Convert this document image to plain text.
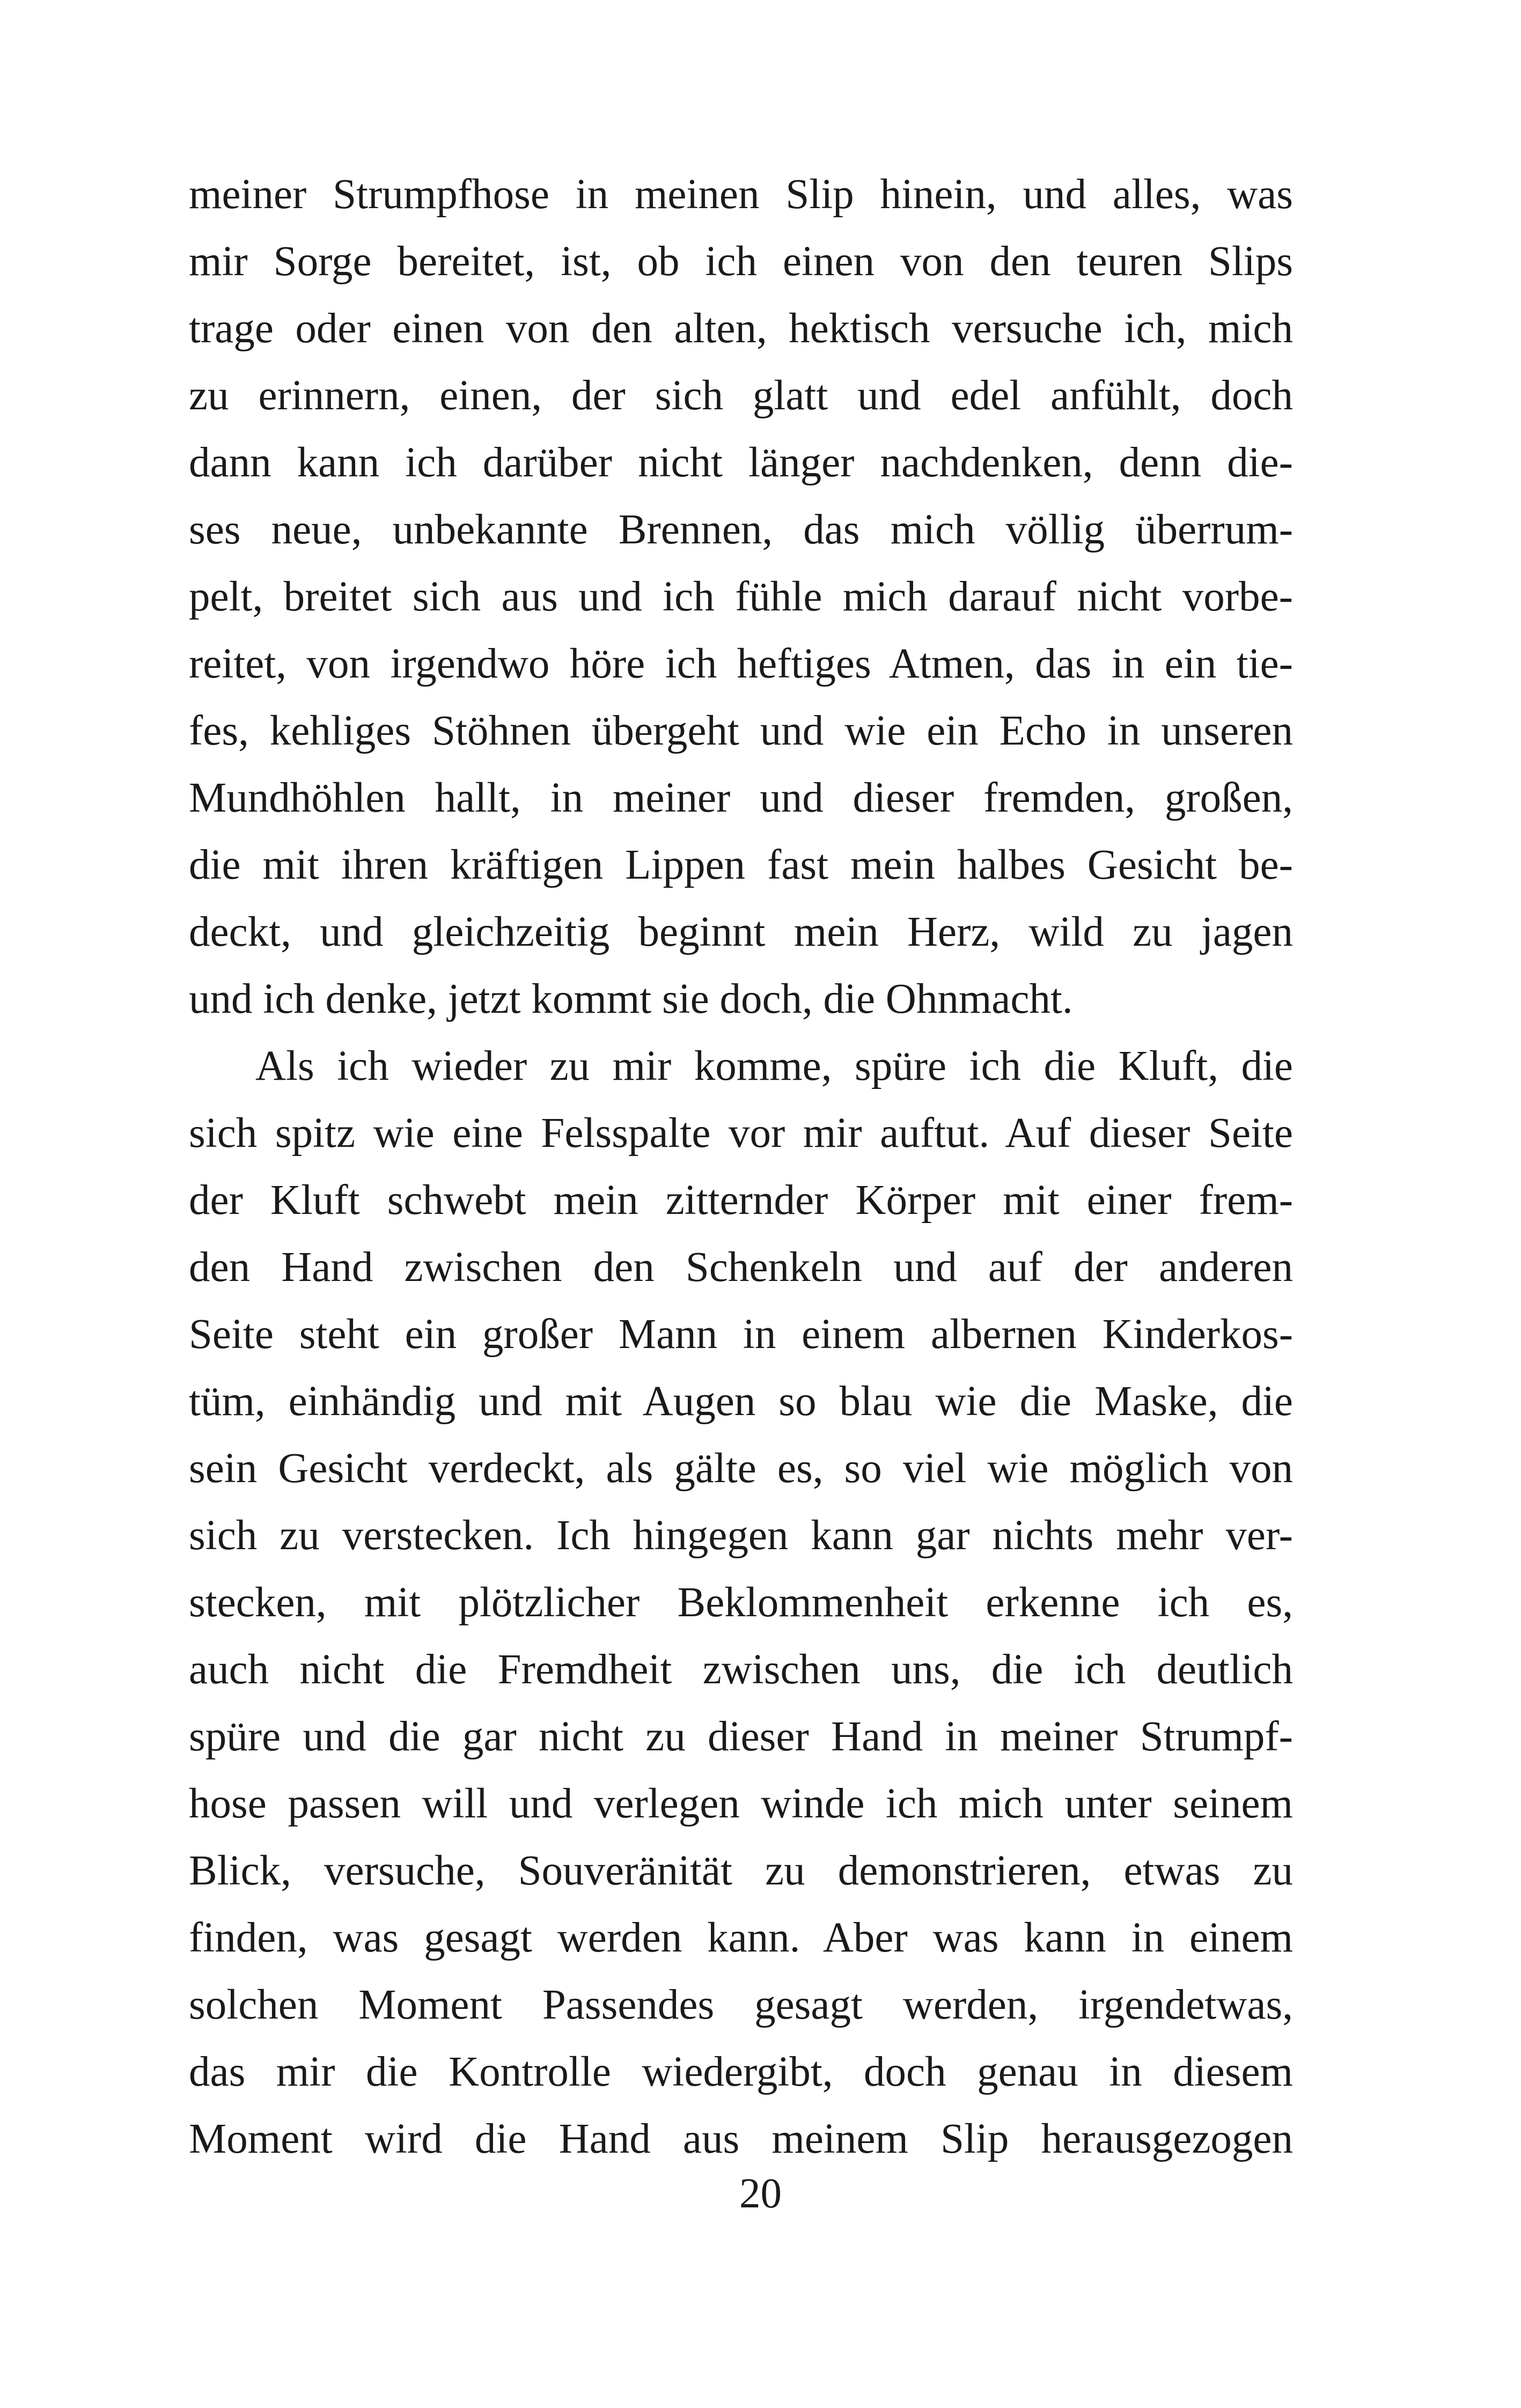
meiner Strumpfhose in meinen Slip hinein, und alles, was
mir Sorge bereitet, ist, ob ich einen von den teuren Slips
trage oder einen von den alten, hektisch versuche ich, mich
zu erinnern, einen, der sich glatt und edel anfühlt, doch
dann kann ich darüber nicht länger nachdenken, denn die-
ses neue, unbekannte Brennen, das mich völlig überrum-
pelt, breitet sich aus und ich fühle mich darauf nicht vorbe-
reitet, von irgendwo höre ich heftiges Atmen, das in ein tie-
fes, kehliges Stöhnen übergeht und wie ein Echo in unseren
Mundhöhlen hallt, in meiner und dieser fremden, großen,
die mit ihren kräftigen Lippen fast mein halbes Gesicht be-
deckt, und gleichzeitig beginnt mein Herz, wild zu jagen
und ich denke, jetzt kommt sie doch, die Ohnmacht.
Als ich wieder zu mir komme, spüre ich die Kluft, die
sich spitz wie eine Felsspalte vor mir auftut. Auf dieser Seite
der Kluft schwebt mein zitternder Körper mit einer frem-
den Hand zwischen den Schenkeln und auf der anderen
Seite steht ein großer Mann in einem albernen Kinderkos-
tüm, einhändig und mit Augen so blau wie die Maske, die
sein Gesicht verdeckt, als gälte es, so viel wie möglich von
sich zu verstecken. Ich hingegen kann gar nichts mehr ver-
stecken, mit plötzlicher Beklommenheit erkenne ich es,
auch nicht die Fremdheit zwischen uns, die ich deutlich
spüre und die gar nicht zu dieser Hand in meiner Strumpf-
hose passen will und verlegen winde ich mich unter seinem
Blick, versuche, Souveränität zu demonstrieren, etwas zu
finden, was gesagt werden kann. Aber was kann in einem
solchen Moment Passendes gesagt werden, irgendetwas,
das mir die Kontrolle wiedergibt, doch genau in diesem
Moment wird die Hand aus meinem Slip herausgezogen
20
